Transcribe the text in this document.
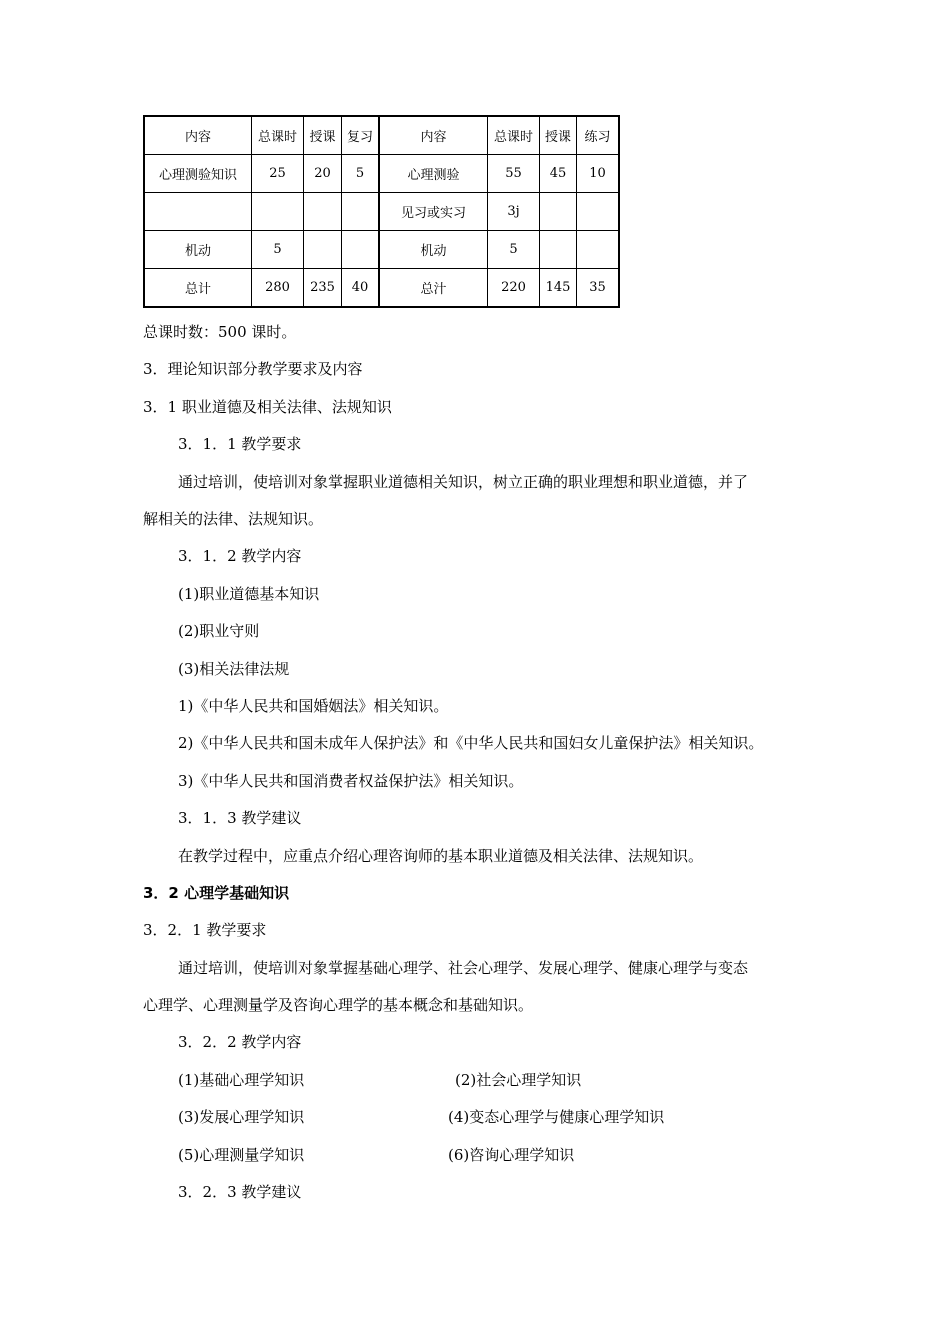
内容	总课时	授课	复习	内容	总课时	授课	练习
心理测验知识	25	20	5	心理测验	55	45	10
				见习或实习	3j		
机动	5			机动	5		
总计	280	235	40	总汁	220	145	35
总课时数：500 课时。
3．理论知识部分教学要求及内容
3．1 职业道德及相关法律、法规知识
3．1．1 教学要求
通过培训，使培训对象掌握职业道德相关知识，树立正确的职业理想和职业道德，并了
解相关的法律、法规知识。
3．1．2 教学内容
(1)职业道德基本知识
(2)职业守则
(3)相关法律法规
1)《中华人民共和国婚姻法》相关知识。
2)《中华人民共和国未成年人保护法》和《中华人民共和国妇女儿童保护法》相关知识。
3)《中华人民共和国消费者权益保护法》相关知识。
3．1．3 教学建议
在教学过程中，应重点介绍心理咨询师的基本职业道德及相关法律、法规知识。
3．2 心理学基础知识
3．2．1 教学要求
通过培训，使培训对象掌握基础心理学、社会心理学、发展心理学、健康心理学与变态
心理学、心理测量学及咨询心理学的基本概念和基础知识。
3．2．2 教学内容
(1)基础心理学知识	(2)社会心理学知识
(3)发展心理学知识	(4)变态心理学与健康心理学知识
(5)心理测量学知识	(6)咨询心理学知识
3．2．3 教学建议
